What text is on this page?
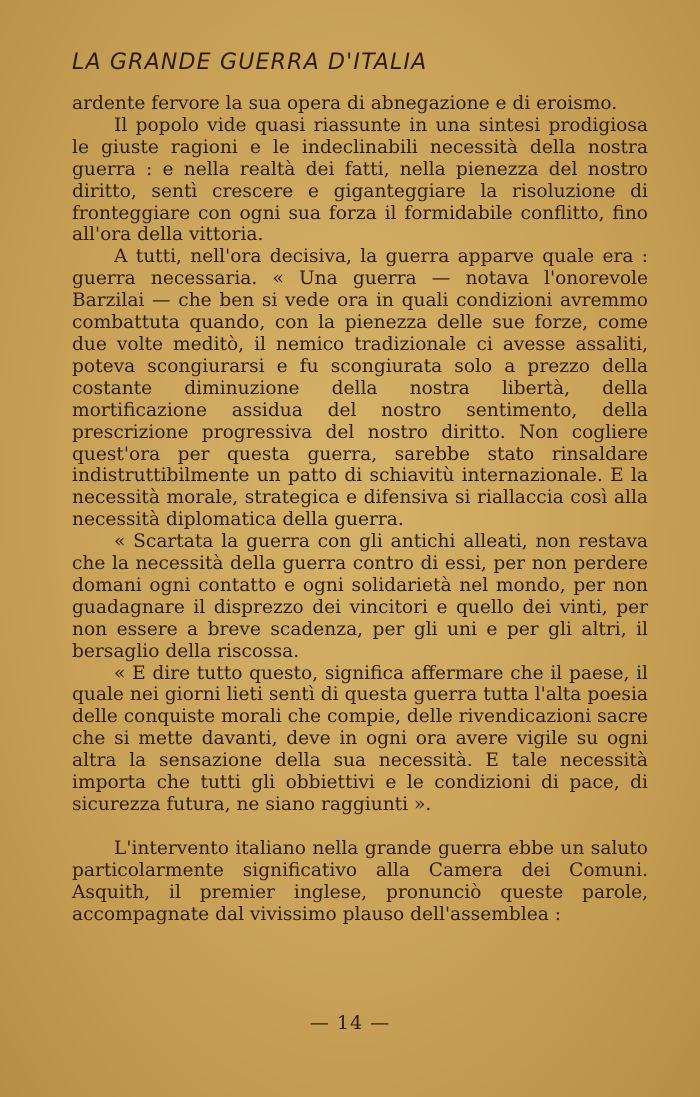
LA GRANDE GUERRA D'ITALIA

ardente fervore la sua opera di abnegazione e di eroismo.

Il popolo vide quasi riassunte in una sintesi prodigiosa le giuste ragioni e le indeclinabili necessità della nostra guerra : e nella realtà dei fatti, nella pienezza del nostro diritto, sentì crescere e giganteggiare la risoluzione di fronteggiare con ogni sua forza il formidabile conflitto, fino all'ora della vittoria.

A tutti, nell'ora decisiva, la guerra apparve quale era : guerra necessaria. « Una guerra — notava l'onorevole Barzilai — che ben si vede ora in quali condizioni avremmo combattuta quando, con la pienezza delle sue forze, come due volte meditò, il nemico tradizionale ci avesse assaliti, poteva scongiurarsi e fu scongiurata solo a prezzo della costante diminuzione della nostra libertà, della mortificazione assidua del nostro sentimento, della prescrizione progressiva del nostro diritto. Non cogliere quest'ora per questa guerra, sarebbe stato rinsaldare indistruttibilmente un patto di schiavitù internazionale. E la necessità morale, strategica e difensiva si riallaccia così alla necessità diplomatica della guerra.

« Scartata la guerra con gli antichi alleati, non restava che la necessità della guerra contro di essi, per non perdere domani ogni contatto e ogni solidarietà nel mondo, per non guadagnare il disprezzo dei vincitori e quello dei vinti, per non essere a breve scadenza, per gli uni e per gli altri, il bersaglio della riscossa.

« E dire tutto questo, significa affermare che il paese, il quale nei giorni lieti sentì di questa guerra tutta l'alta poesia delle conquiste morali che compie, delle rivendicazioni sacre che si mette davanti, deve in ogni ora avere vigile su ogni altra la sensazione della sua necessità. E tale necessità importa che tutti gli obbiettivi e le condizioni di pace, di sicurezza futura, ne siano raggiunti ».

L'intervento italiano nella grande guerra ebbe un saluto particolarmente significativo alla Camera dei Comuni. Asquith, il premier inglese, pronunciò queste parole, accompagnate dal vivissimo plauso dell'assemblea :

— 14 —
